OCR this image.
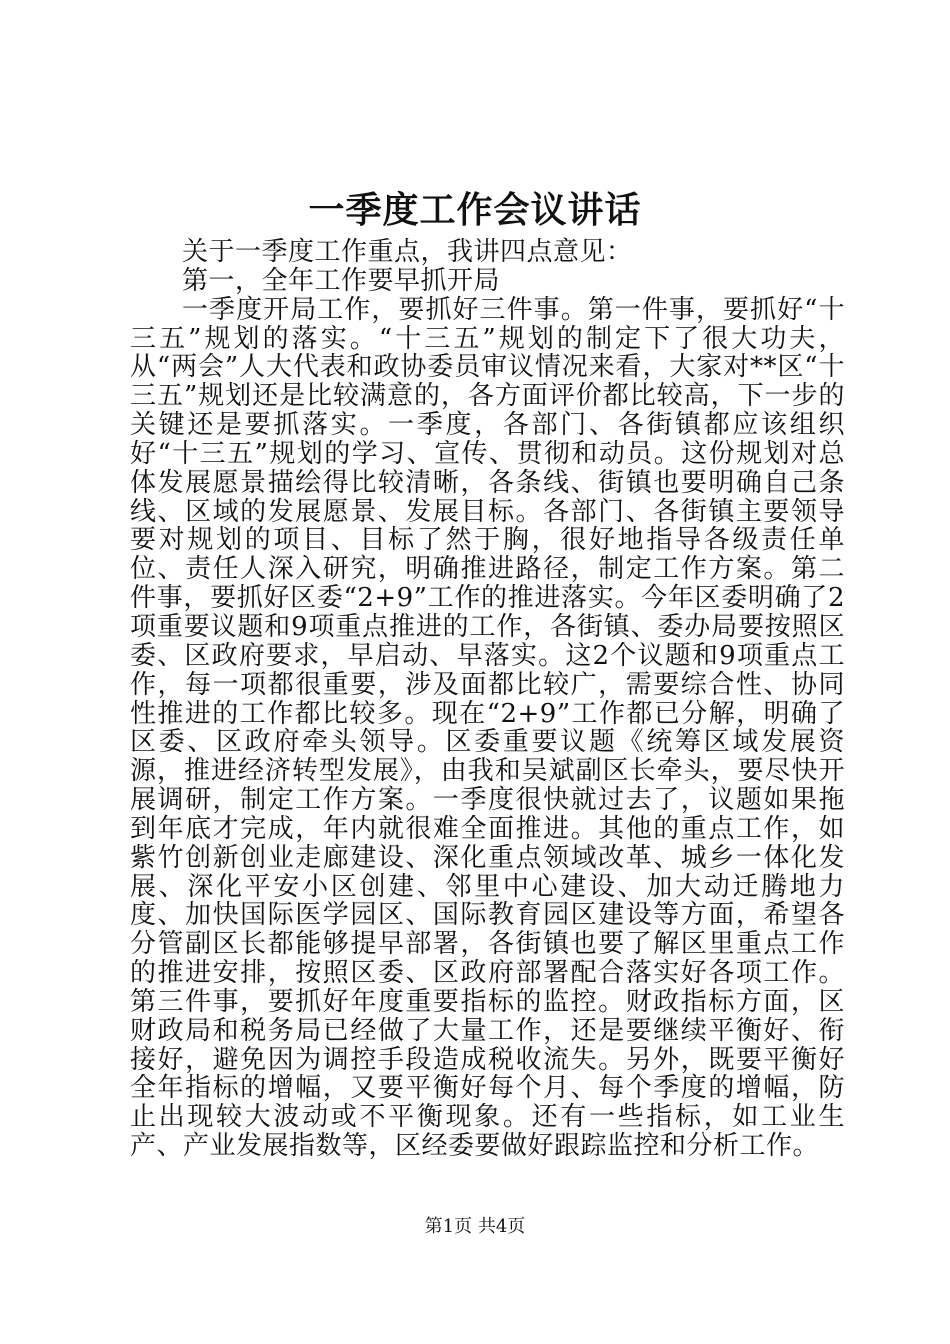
一季度工作会议讲话

关于一季度工作重点，我讲四点意见：

第一，全年工作要早抓开局

一季度开局工作，要抓好三件事。第一件事，要抓好“十三五”规划的落实。“十三五”规划的制定下了很大功夫，从“两会”人大代表和政协委员审议情况来看，大家对**区“十三五”规划还是比较满意的，各方面评价都比较高，下一步的关键还是要抓落实。一季度，各部门、各街镇都应该组织好“十三五”规划的学习、宣传、贯彻和动员。这份规划对总体发展愿景描绘得比较清晰，各条线、街镇也要明确自己条线、区域的发展愿景、发展目标。各部门、各街镇主要领导要对规划的项目、目标了然于胸，很好地指导各级责任单位、责任人深入研究，明确推进路径，制定工作方案。第二件事，要抓好区委“2+9”工作的推进落实。今年区委明确了2项重要议题和9项重点推进的工作，各街镇、委办局要按照区委、区政府要求，早启动、早落实。这2个议题和9项重点工作，每一项都很重要，涉及面都比较广，需要综合性、协同性推进的工作都比较多。现在“2+9”工作都已分解，明确了区委、区政府牵头领导。区委重要议题《统筹区域发展资源，推进经济转型发展》，由我和吴斌副区长牵头，要尽快开展调研，制定工作方案。一季度很快就过去了，议题如果拖到年底才完成，年内就很难全面推进。其他的重点工作，如紫竹创新创业走廊建设、深化重点领域改革、城乡一体化发展、深化平安小区创建、邻里中心建设、加大动迁腾地力度、加快国际医学园区、国际教育园区建设等方面，希望各分管副区长都能够提早部署，各街镇也要了解区里重点工作的推进安排，按照区委、区政府部署配合落实好各项工作。第三件事，要抓好年度重要指标的监控。财政指标方面，区财政局和税务局已经做了大量工作，还是要继续平衡好、衔接好，避免因为调控手段造成税收流失。另外，既要平衡好全年指标的增幅，又要平衡好每个月、每个季度的增幅，防止出现较大波动或不平衡现象。还有一些指标，如工业生产、产业发展指数等，区经委要做好跟踪监控和分析工作。

第1页 共4页
